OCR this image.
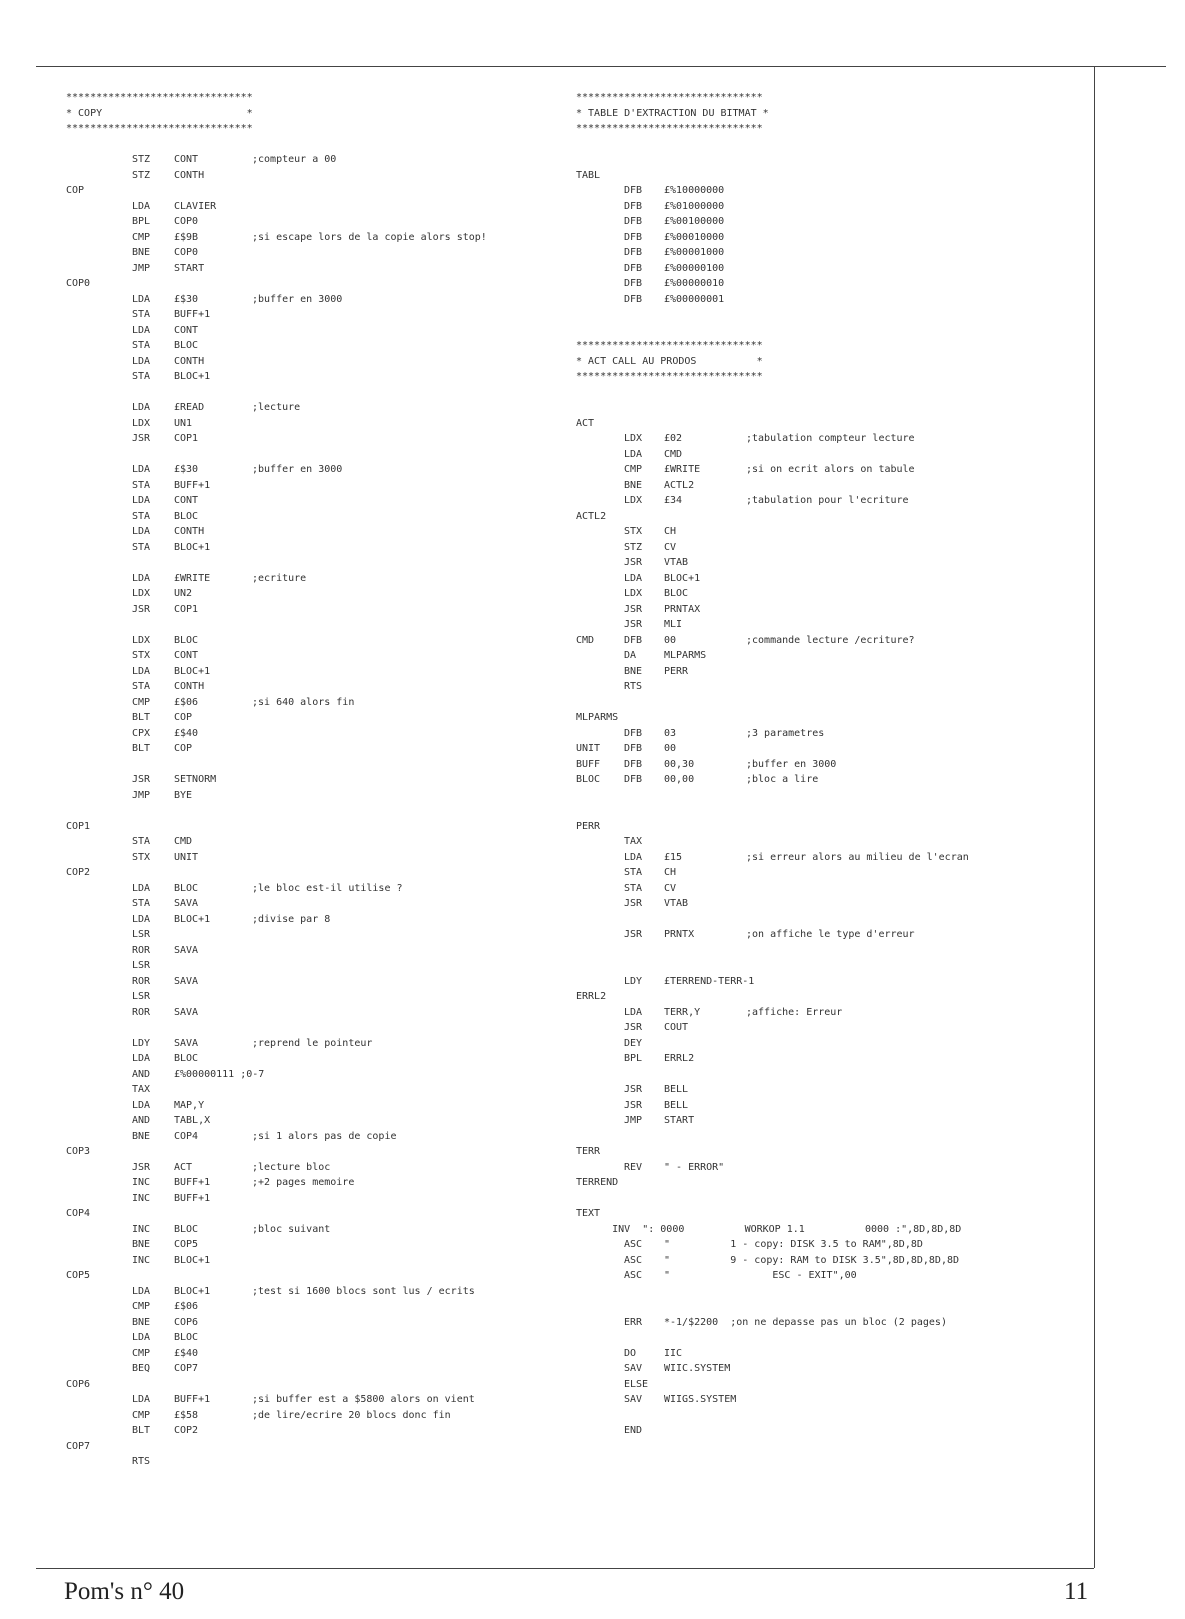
*******************************
* COPY                        *
*******************************
STZ CONT	;compteur a 00
STZ CONTH
COP
LDA CLAVIER
BPL COP0
CMP £$9B	;si escape lors de la copie alors stop!
BNE COP0
JMP START
COP0
LDA £$30	;buffer en 3000
STA BUFF+1
LDA CONT
STA BLOC
LDA CONTH
STA BLOC+1
LDA £READ	;lecture
LDX UN1
JSR COP1
LDA £$30	;buffer en 3000
STA BUFF+1
LDA CONT
STA BLOC
LDA CONTH
STA BLOC+1
LDA £WRITE	;ecriture
LDX UN2
JSR COP1
LDX BLOC
STX CONT
LDA BLOC+1
STA CONTH
CMP £$06	;si 640 alors fin
BLT COP
CPX £$40
BLT COP
JSR SETNORM
JMP BYE
COP1
STA CMD
STX UNIT
COP2
LDA BLOC	;le bloc est-il utilise ?
STA SAVA
LDA BLOC+1	;divise par 8
LSR
ROR SAVA
LSR
ROR SAVA
LSR
ROR SAVA
LDY SAVA	;reprend le pointeur
LDA BLOC
AND £%00000111 ;0-7
TAX
LDA MAP,Y
AND TABL,X
BNE COP4	;si 1 alors pas de copie
COP3
JSR ACT	;lecture bloc
INC BUFF+1	;+2 pages memoire
INC BUFF+1
COP4
INC BLOC	;bloc suivant
BNE COP5
INC BLOC+1
COP5
LDA BLOC+1	;test si 1600 blocs sont lus / ecrits
CMP £$06
BNE COP6
LDA BLOC
CMP £$40
BEQ COP7
COP6
LDA BUFF+1	;si buffer est a $5800 alors on vient
CMP £$58	;de lire/ecrire 20 blocs donc fin
BLT COP2
COP7
RTS
*******************************
* TABLE D'EXTRACTION DU BITMAT *
*******************************
TABL
DFB £%10000000
DFB £%01000000
DFB £%00100000
DFB £%00010000
DFB £%00001000
DFB £%00000100
DFB £%00000010
DFB £%00000001
*******************************
* ACT CALL AU PRODOS          *
*******************************
ACT
LDX £02	;tabulation compteur lecture
LDA CMD
CMP £WRITE	;si on ecrit alors on tabule
BNE ACTL2
LDX £34	;tabulation pour l'ecriture
ACTL2
STX CH
STZ CV
JSR VTAB
LDA BLOC+1
LDX BLOC
JSR PRNTAX
JSR MLI
CMD	DFB 00	;commande lecture /ecriture?
DA	MLPARMS
BNE PERR
RTS
MLPARMS
DFB 03	;3 parametres
UNIT DFB 00
BUFF DFB 00,30	;buffer en 3000
BLOC DFB 00,00	;bloc a lire
PERR
TAX
LDA £15	;si erreur alors au milieu de l'ecran
STA CH
STA CV
JSR VTAB
JSR PRNTX	;on affiche le type d'erreur
LDY £TERREND-TERR-1
ERRL2
LDA TERR,Y	;affiche: Erreur
JSR COUT
DEY
BPL ERRL2
JSR BELL
JSR BELL
JMP START
TERR
REV " - ERROR"
TERREND
TEXT
INV  ": 0000          WORKOP 1.1          0000 :",8D,8D,8D
ASC "          1 - copy: DISK 3.5 to RAM",8D,8D
ASC "          9 - copy: RAM to DISK 3.5",8D,8D,8D,8D
ASC "                 ESC - EXIT",00
ERR *-1/$2200  ;on ne depasse pas un bloc (2 pages)
DO	IIC
SAV WIIC.SYSTEM
ELSE
SAV WIIGS.SYSTEM
END
Pom's n° 40	11
